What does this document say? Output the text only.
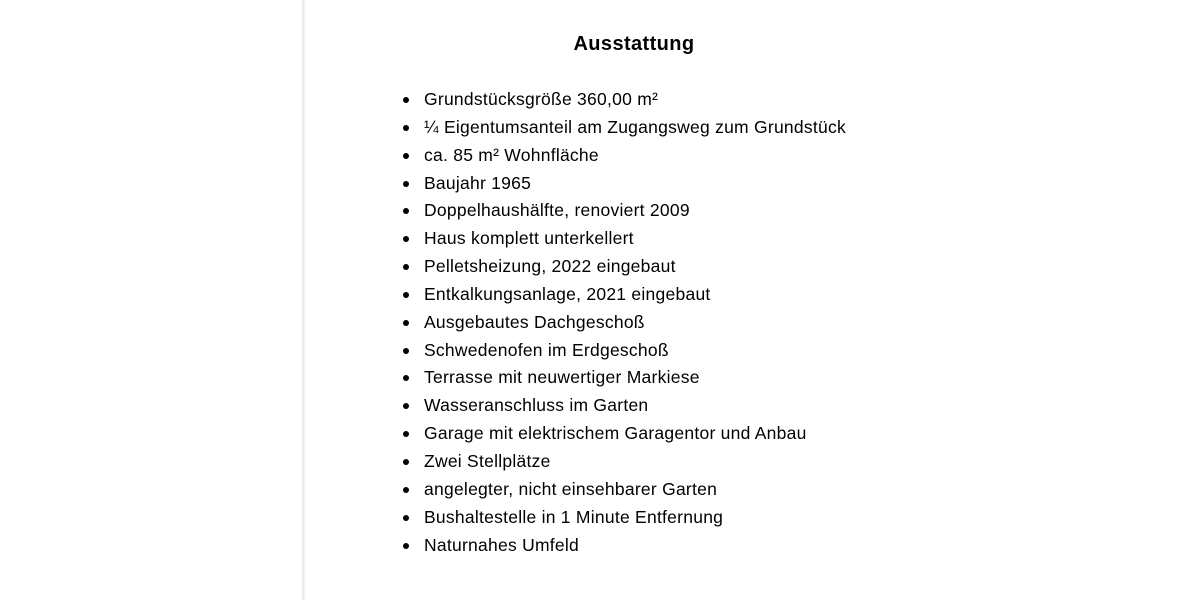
Ausstattung
Grundstücksgröße 360,00 m²
¼ Eigentumsanteil am Zugangsweg zum Grundstück
ca. 85 m² Wohnfläche
Baujahr 1965
Doppelhaushälfte, renoviert 2009
Haus komplett unterkellert
Pelletsheizung, 2022 eingebaut
Entkalkungsanlage, 2021 eingebaut
Ausgebautes Dachgeschoß
Schwedenofen im Erdgeschoß
Terrasse mit neuwertiger Markiese
Wasseranschluss im Garten
Garage mit elektrischem Garagentor und Anbau
Zwei Stellplätze
angelegter, nicht einsehbarer Garten
Bushaltestelle in 1 Minute Entfernung
Naturnahes Umfeld
